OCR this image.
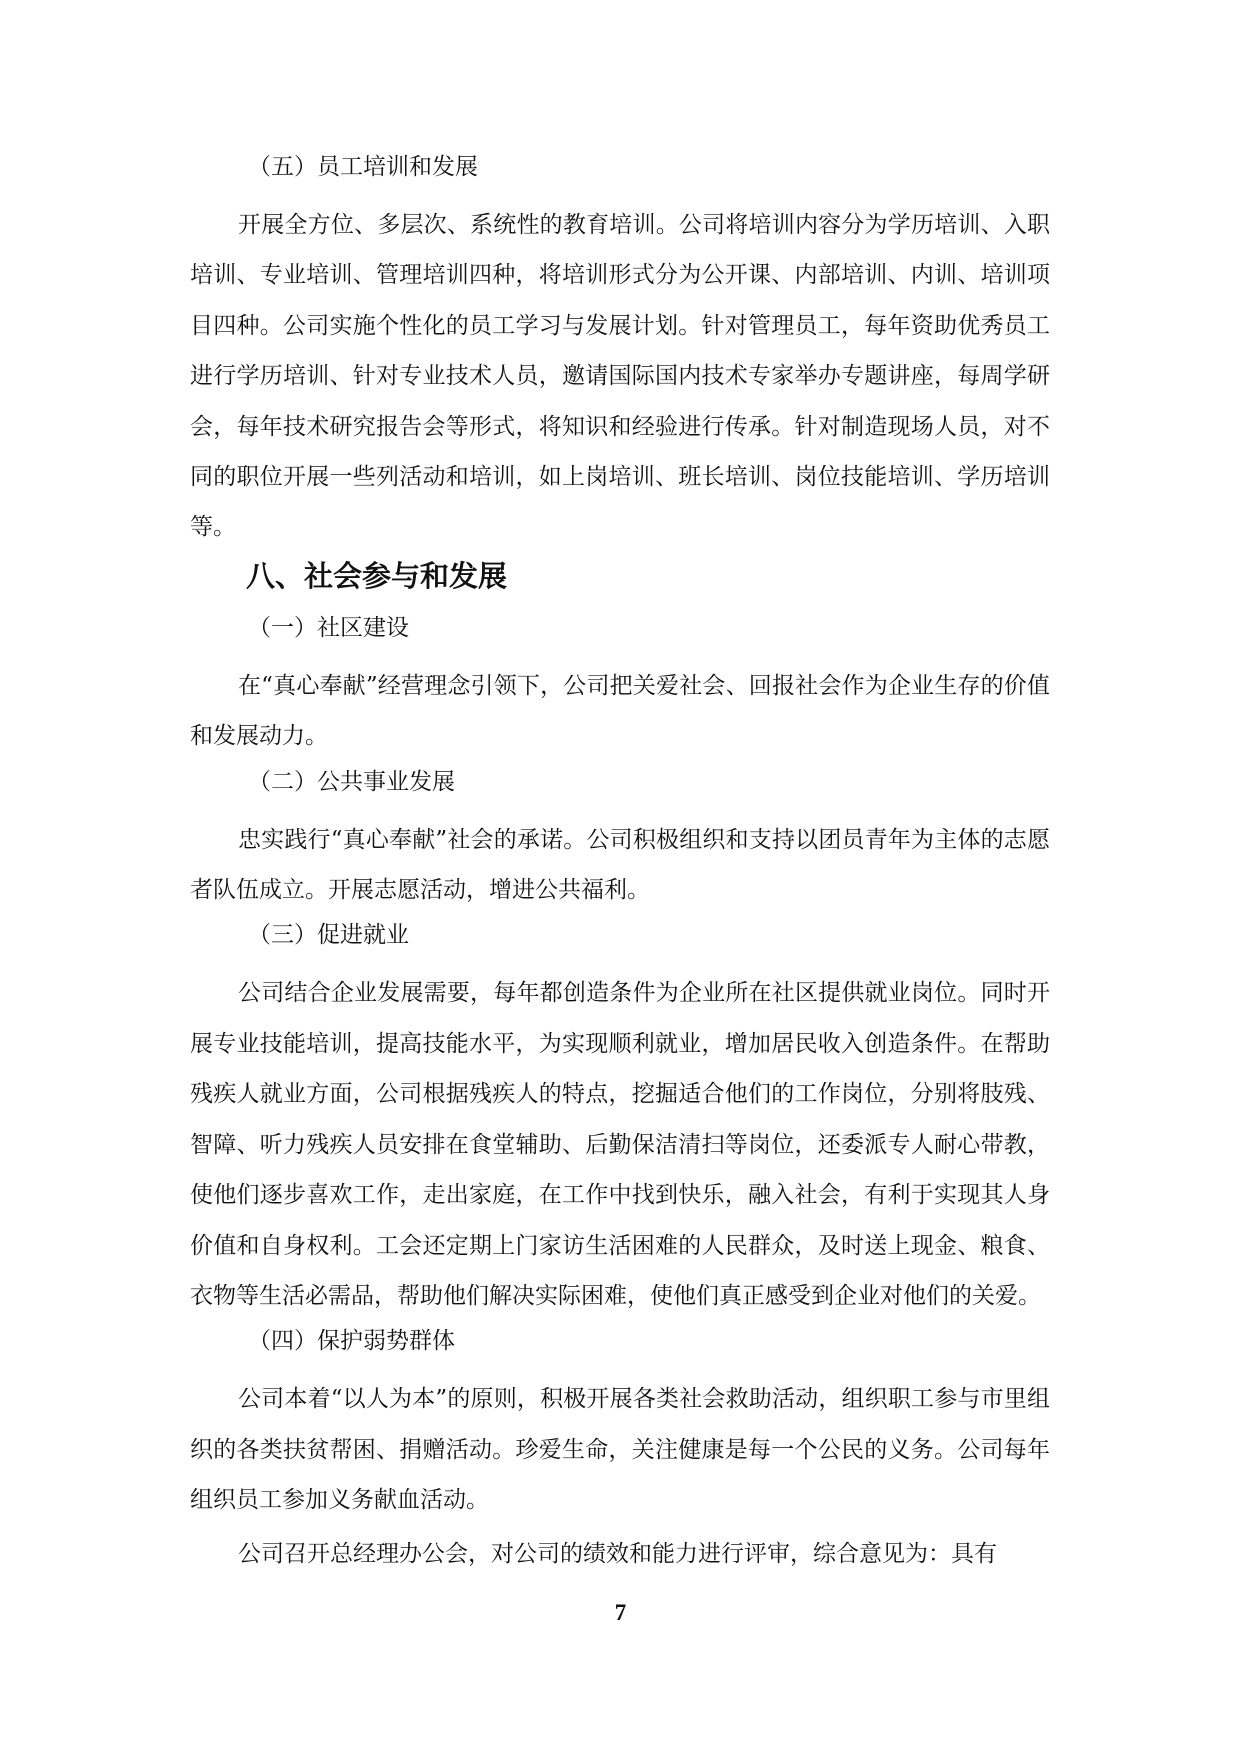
（五）员工培训和发展

开展全方位、多层次、系统性的教育培训。公司将培训内容分为学历培训、入职培训、专业培训、管理培训四种，将培训形式分为公开课、内部培训、内训、培训项目四种。公司实施个性化的员工学习与发展计划。针对管理员工，每年资助优秀员工进行学历培训、针对专业技术人员，邀请国际国内技术专家举办专题讲座，每周学研会，每年技术研究报告会等形式，将知识和经验进行传承。针对制造现场人员，对不同的职位开展一些列活动和培训，如上岗培训、班长培训、岗位技能培训、学历培训等。

八、社会参与和发展

（一）社区建设

在“真心奉献”经营理念引领下，公司把关爱社会、回报社会作为企业生存的价值和发展动力。

（二）公共事业发展

忠实践行“真心奉献”社会的承诺。公司积极组织和支持以团员青年为主体的志愿者队伍成立。开展志愿活动，增进公共福利。

（三）促进就业

公司结合企业发展需要，每年都创造条件为企业所在社区提供就业岗位。同时开展专业技能培训，提高技能水平，为实现顺利就业，增加居民收入创造条件。在帮助残疾人就业方面，公司根据残疾人的特点，挖掘适合他们的工作岗位，分别将肢残、智障、听力残疾人员安排在食堂辅助、后勤保洁清扫等岗位，还委派专人耐心带教，使他们逐步喜欢工作，走出家庭，在工作中找到快乐，融入社会，有利于实现其人身价值和自身权利。工会还定期上门家访生活困难的人民群众，及时送上现金、粮食、衣物等生活必需品，帮助他们解决实际困难，使他们真正感受到企业对他们的关爱。

（四）保护弱势群体

公司本着“以人为本”的原则，积极开展各类社会救助活动，组织职工参与市里组织的各类扶贫帮困、捐赠活动。珍爱生命，关注健康是每一个公民的义务。公司每年组织员工参加义务献血活动。

公司召开总经理办公会，对公司的绩效和能力进行评审，综合意见为：具有

7
